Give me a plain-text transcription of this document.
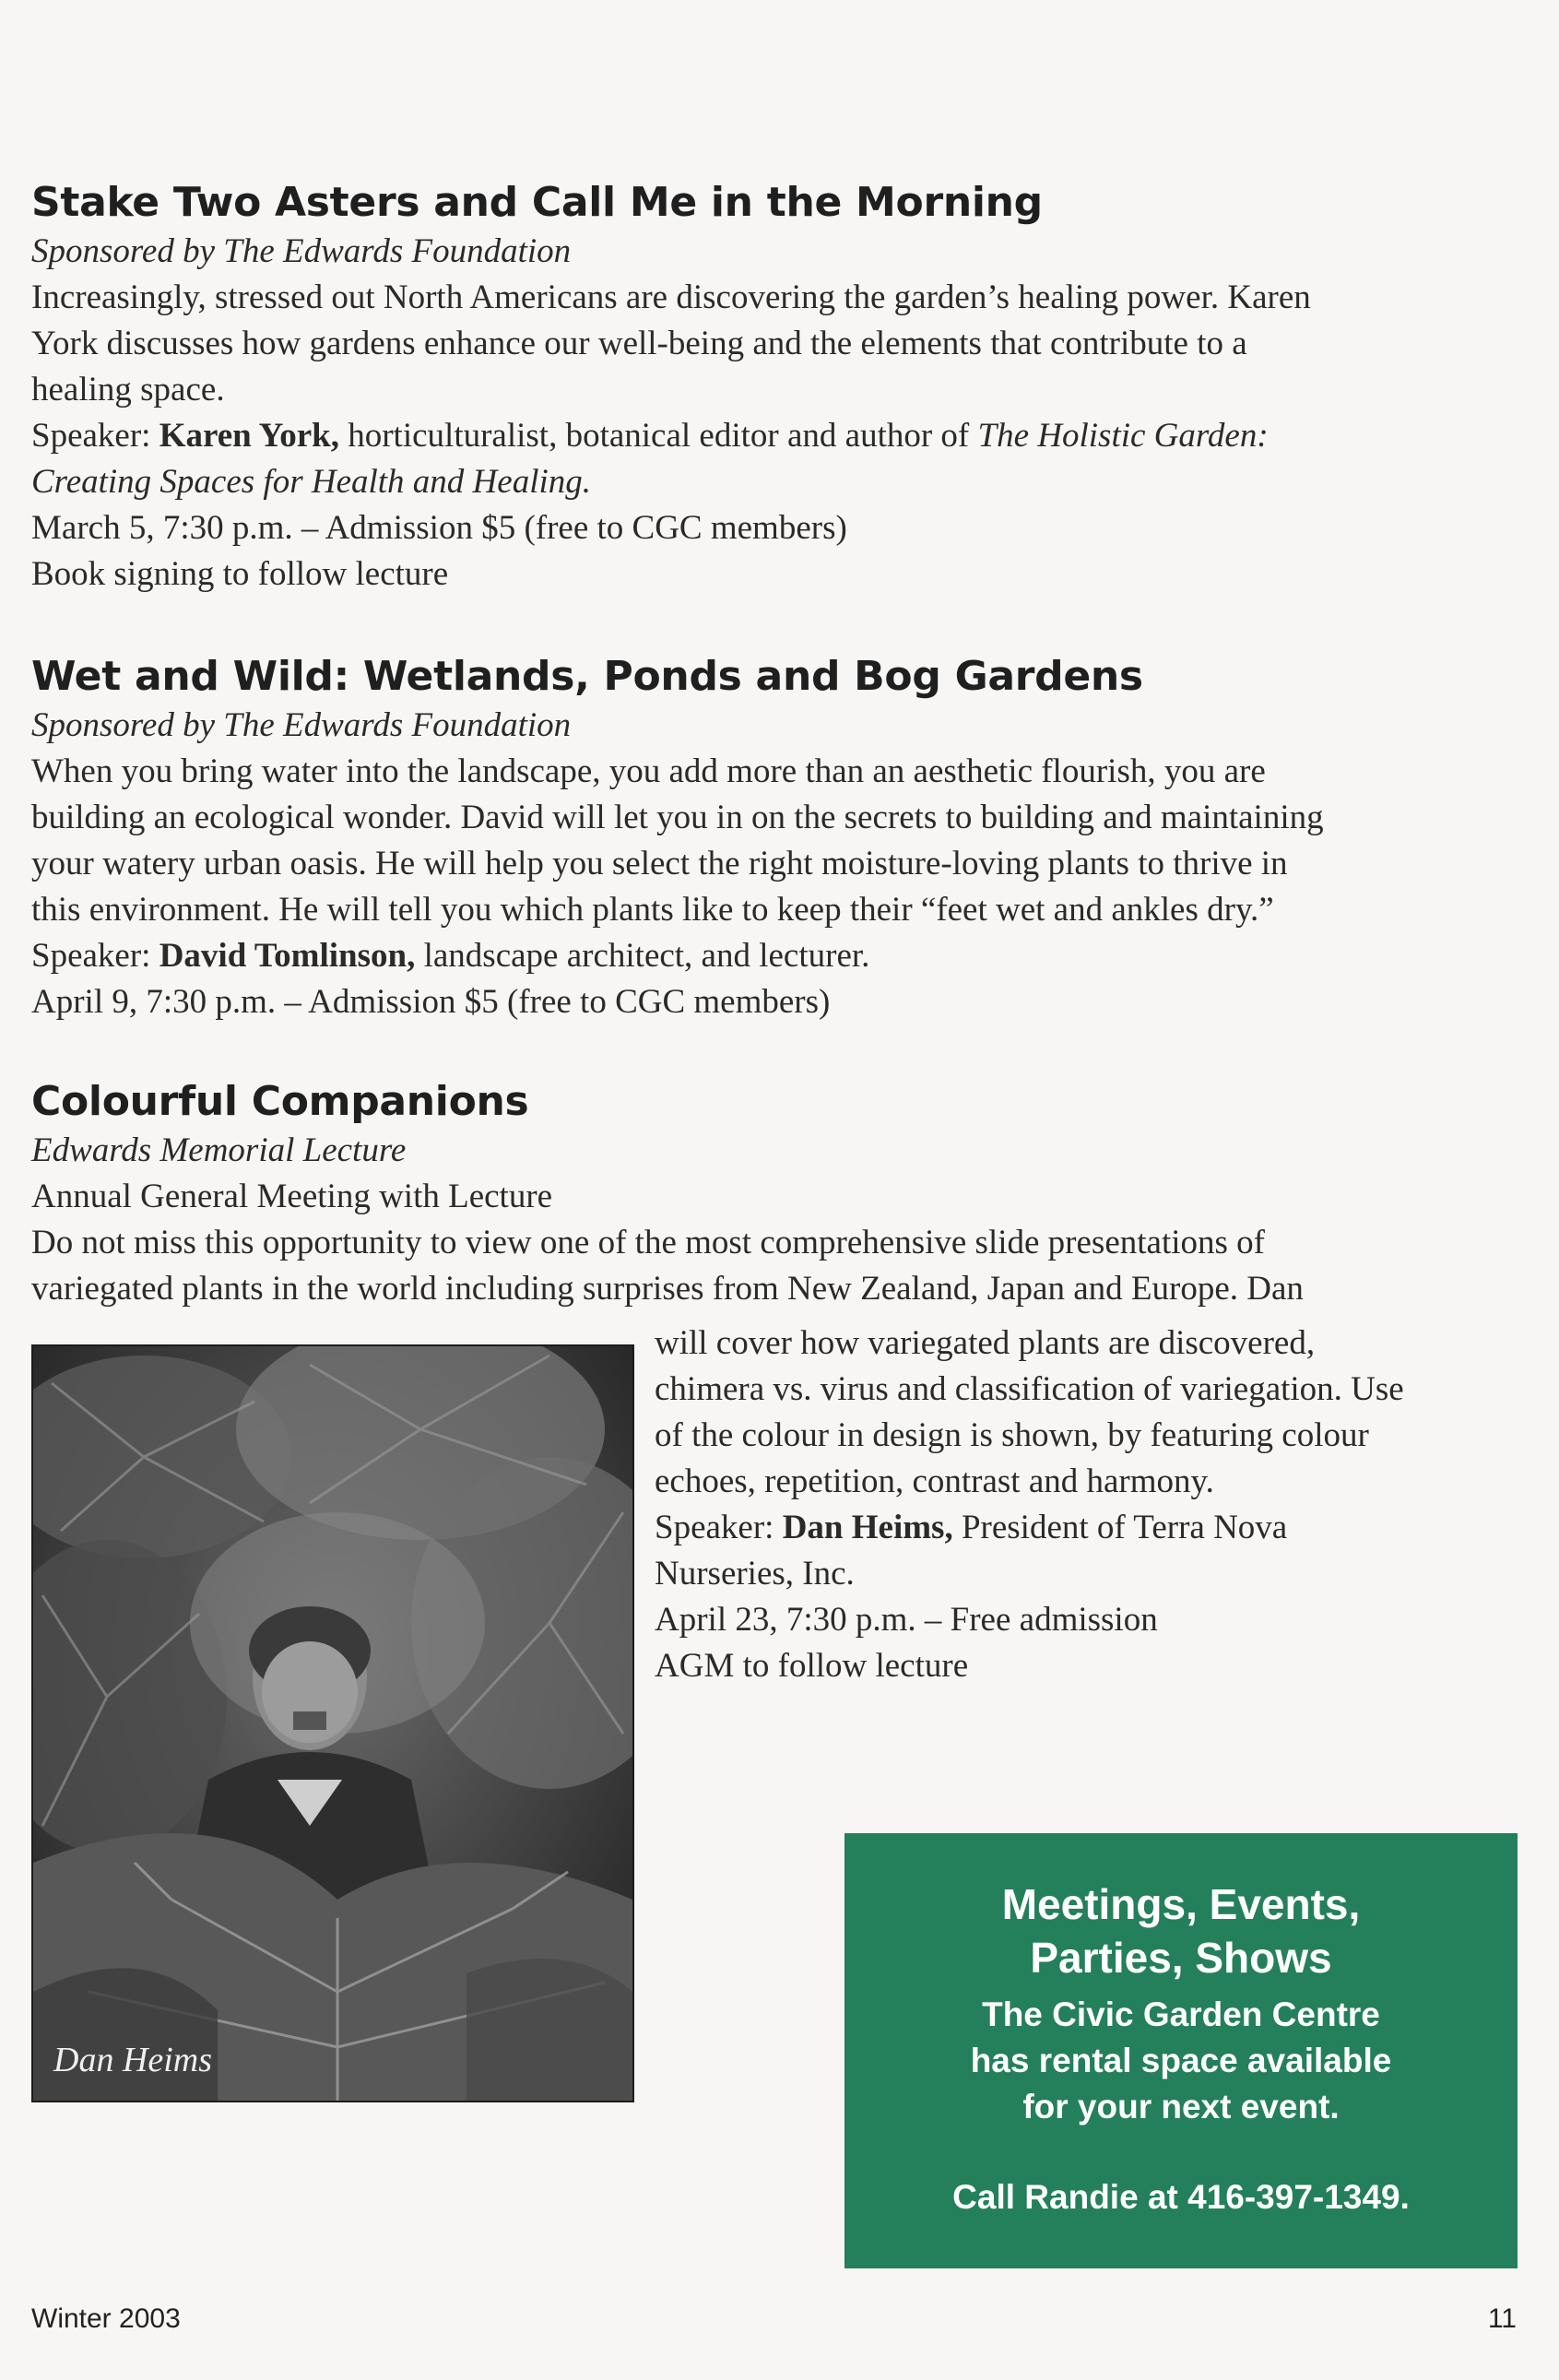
Stake Two Asters and Call Me in the Morning

Sponsored by The Edwards Foundation

Increasingly, stressed out North Americans are discovering the garden’s healing power. Karen

York discusses how gardens enhance our well-being and the elements that contribute to a

healing space.

Speaker: Karen York, horticulturalist, botanical editor and author of The Holistic Garden:

Creating Spaces for Health and Healing.

March 5, 7:30 p.m. – Admission $5 (free to CGC members)

Book signing to follow lecture

Wet and Wild: Wetlands, Ponds and Bog Gardens

Sponsored by The Edwards Foundation

When you bring water into the landscape, you add more than an aesthetic flourish, you are

building an ecological wonder. David will let you in on the secrets to building and maintaining

your watery urban oasis. He will help you select the right moisture-loving plants to thrive in

this environment. He will tell you which plants like to keep their “feet wet and ankles dry.”

Speaker: David Tomlinson, landscape architect, and lecturer.

April 9, 7:30 p.m. – Admission $5 (free to CGC members)

Colourful Companions

Edwards Memorial Lecture

Annual General Meeting with Lecture

Do not miss this opportunity to view one of the most comprehensive slide presentations of

variegated plants in the world including surprises from New Zealand, Japan and Europe. Dan

Dan Heims

will cover how variegated plants are discovered,

chimera vs. virus and classification of variegation. Use

of the colour in design is shown, by featuring colour

echoes, repetition, contrast and harmony.

Speaker: Dan Heims, President of Terra Nova

Nurseries, Inc.

April 23, 7:30 p.m. – Free admission

AGM to follow lecture

Meetings, Events,
Parties, Shows
The Civic Garden Centre
has rental space available
for your next event.
Call Randie at 416-397-1349.
Winter 2003	11
